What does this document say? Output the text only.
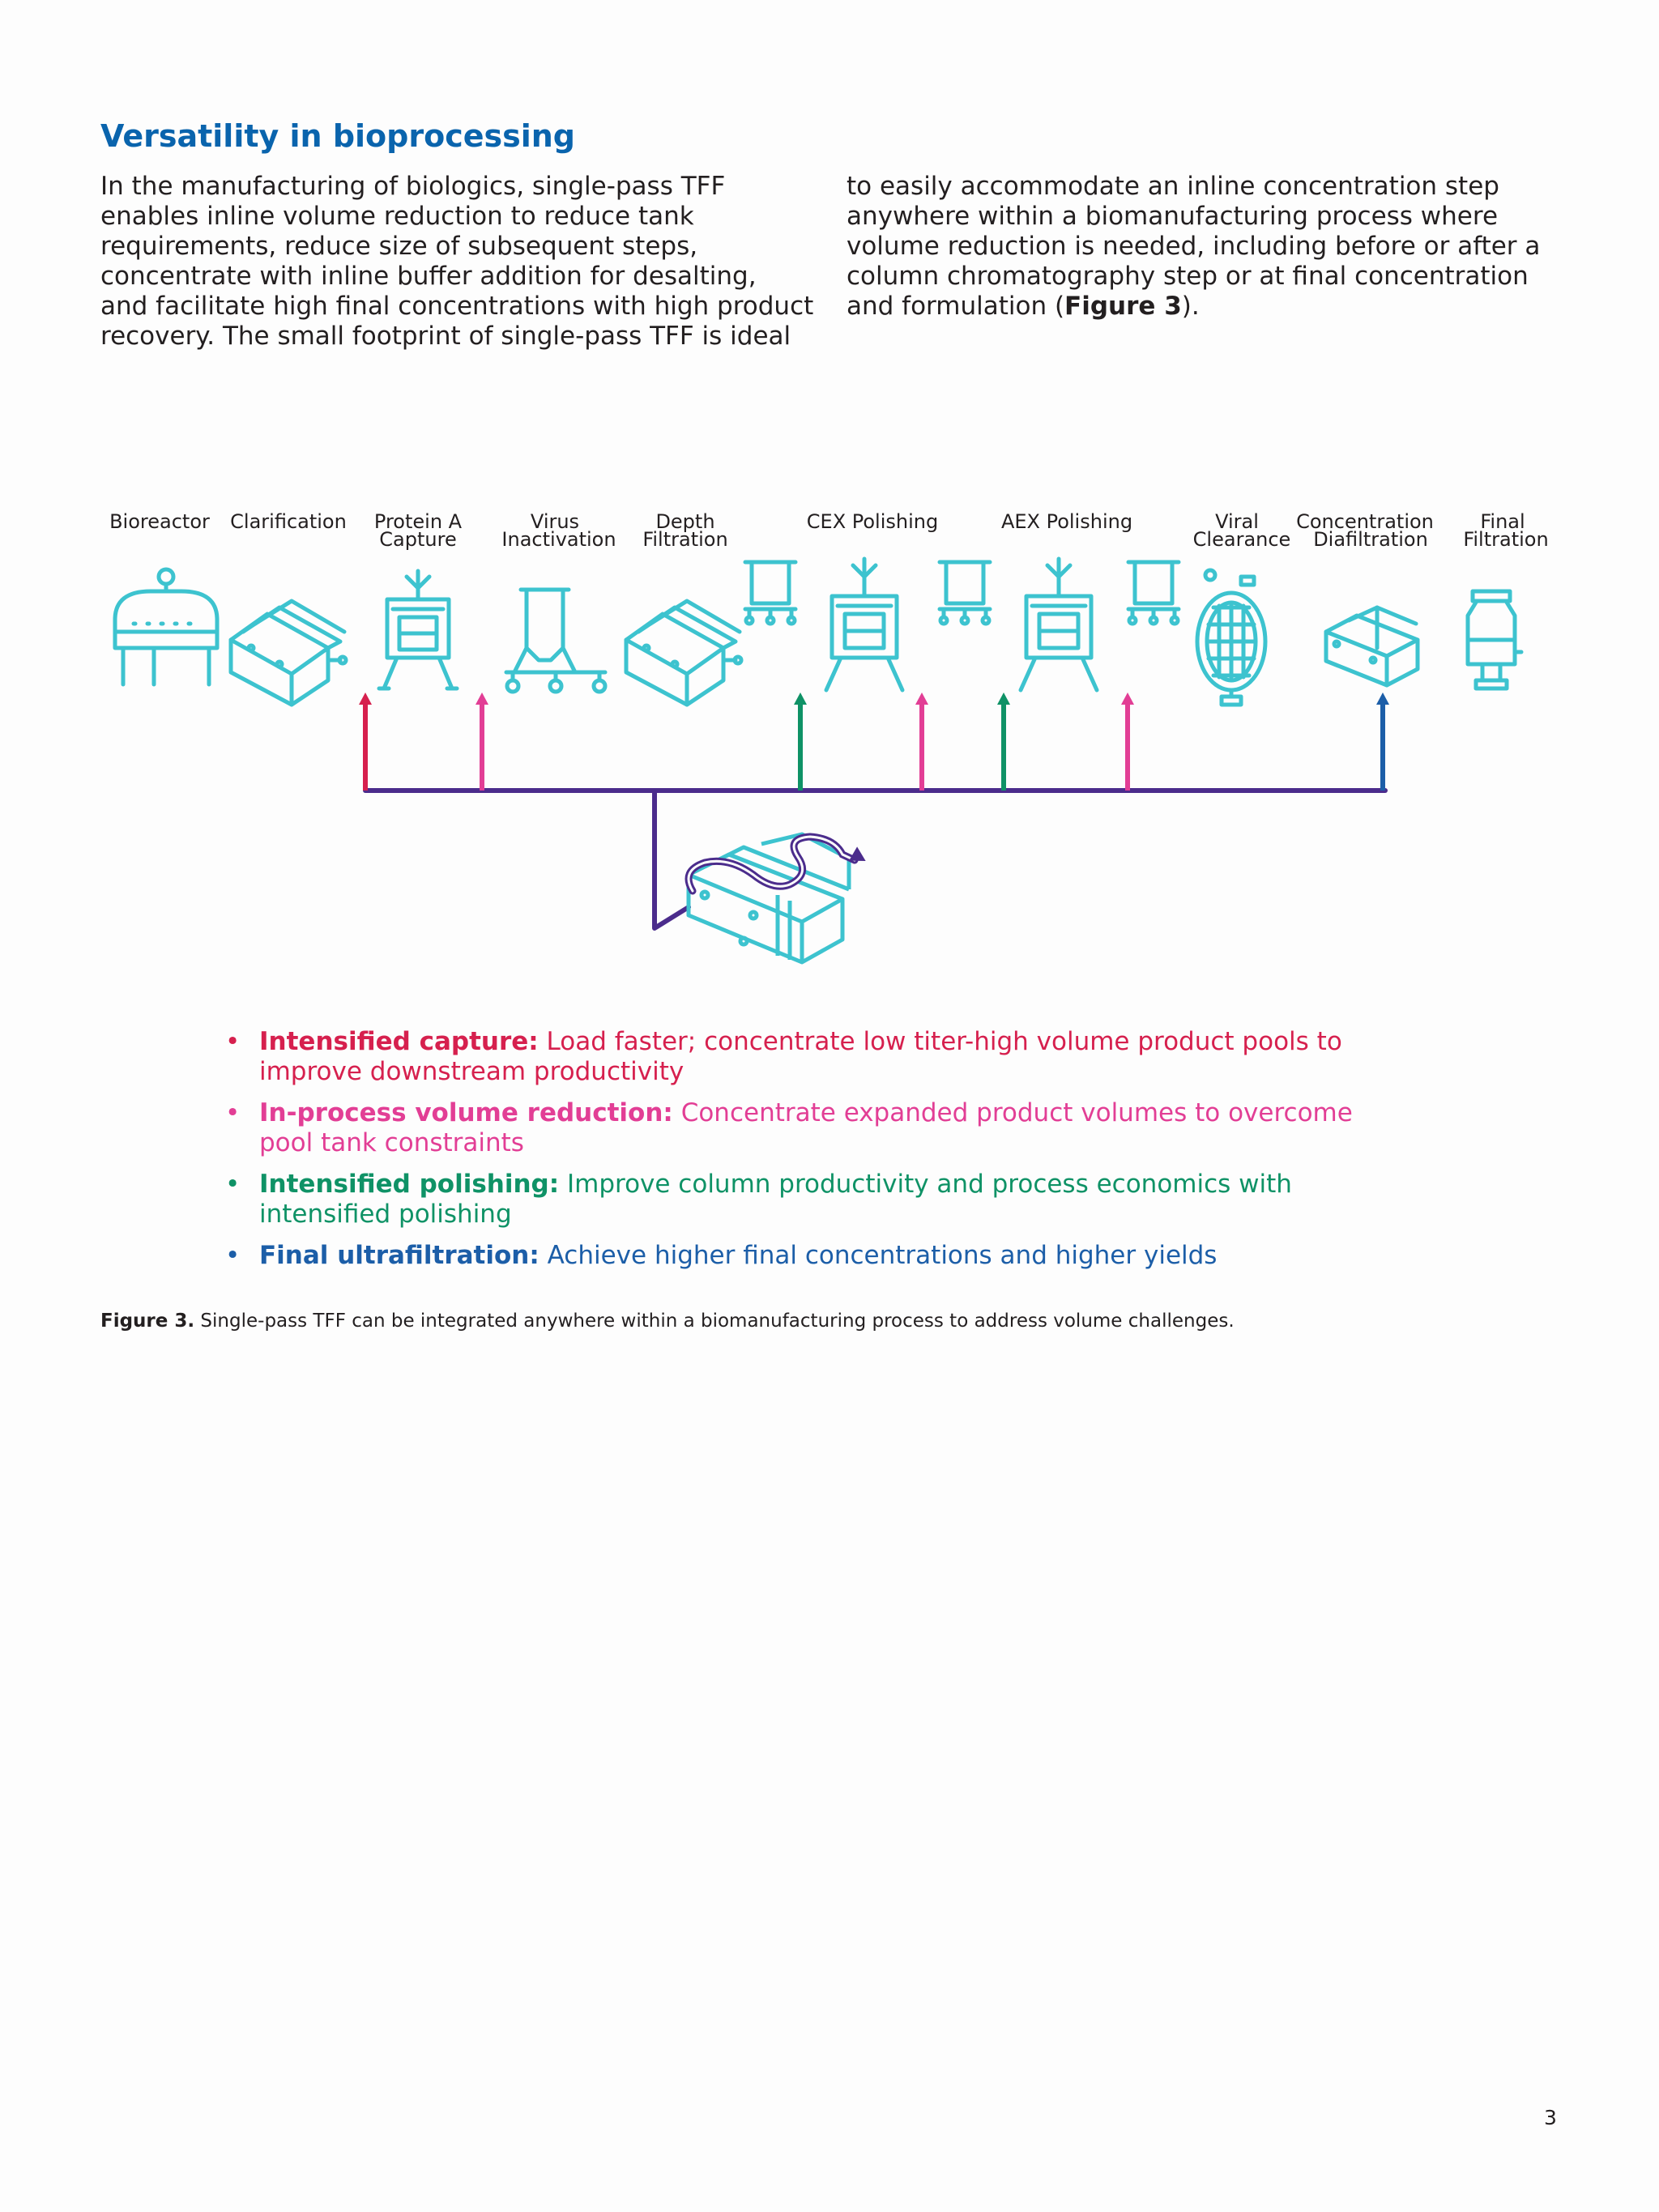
Versatility in bioprocessing
In the manufacturing of biologics, single-pass TFF
enables inline volume reduction to reduce tank
requirements, reduce size of subsequent steps,
concentrate with inline buffer addition for desalting,
and facilitate high final concentrations with high product
recovery. The small footprint of single-pass TFF is ideal
to easily accommodate an inline concentration step
anywhere within a biomanufacturing process where
volume reduction is needed, including before or after a
column chromatography step or at final concentration
and formulation (Figure 3).
Bioreactor Clarification Protein A
Capture
Virus
Inactivation
Depth
Filtration
CEX Polishing	AEX Polishing	Viral
Clearance
Concentration
Diafiltration
Final
Filtration
• Intensified capture: Load faster; concentrate low titer-high volume product pools to
improve downstream productivity
• In-process volume reduction: Concentrate expanded product volumes to overcome
pool tank constraints
• Intensified polishing: Improve column productivity and process economics with
intensified polishing
• Final ultrafiltration: Achieve higher final concentrations and higher yields

Figure 3. Single-pass TFF can be integrated anywhere within a biomanufacturing process to address volume challenges.

3
